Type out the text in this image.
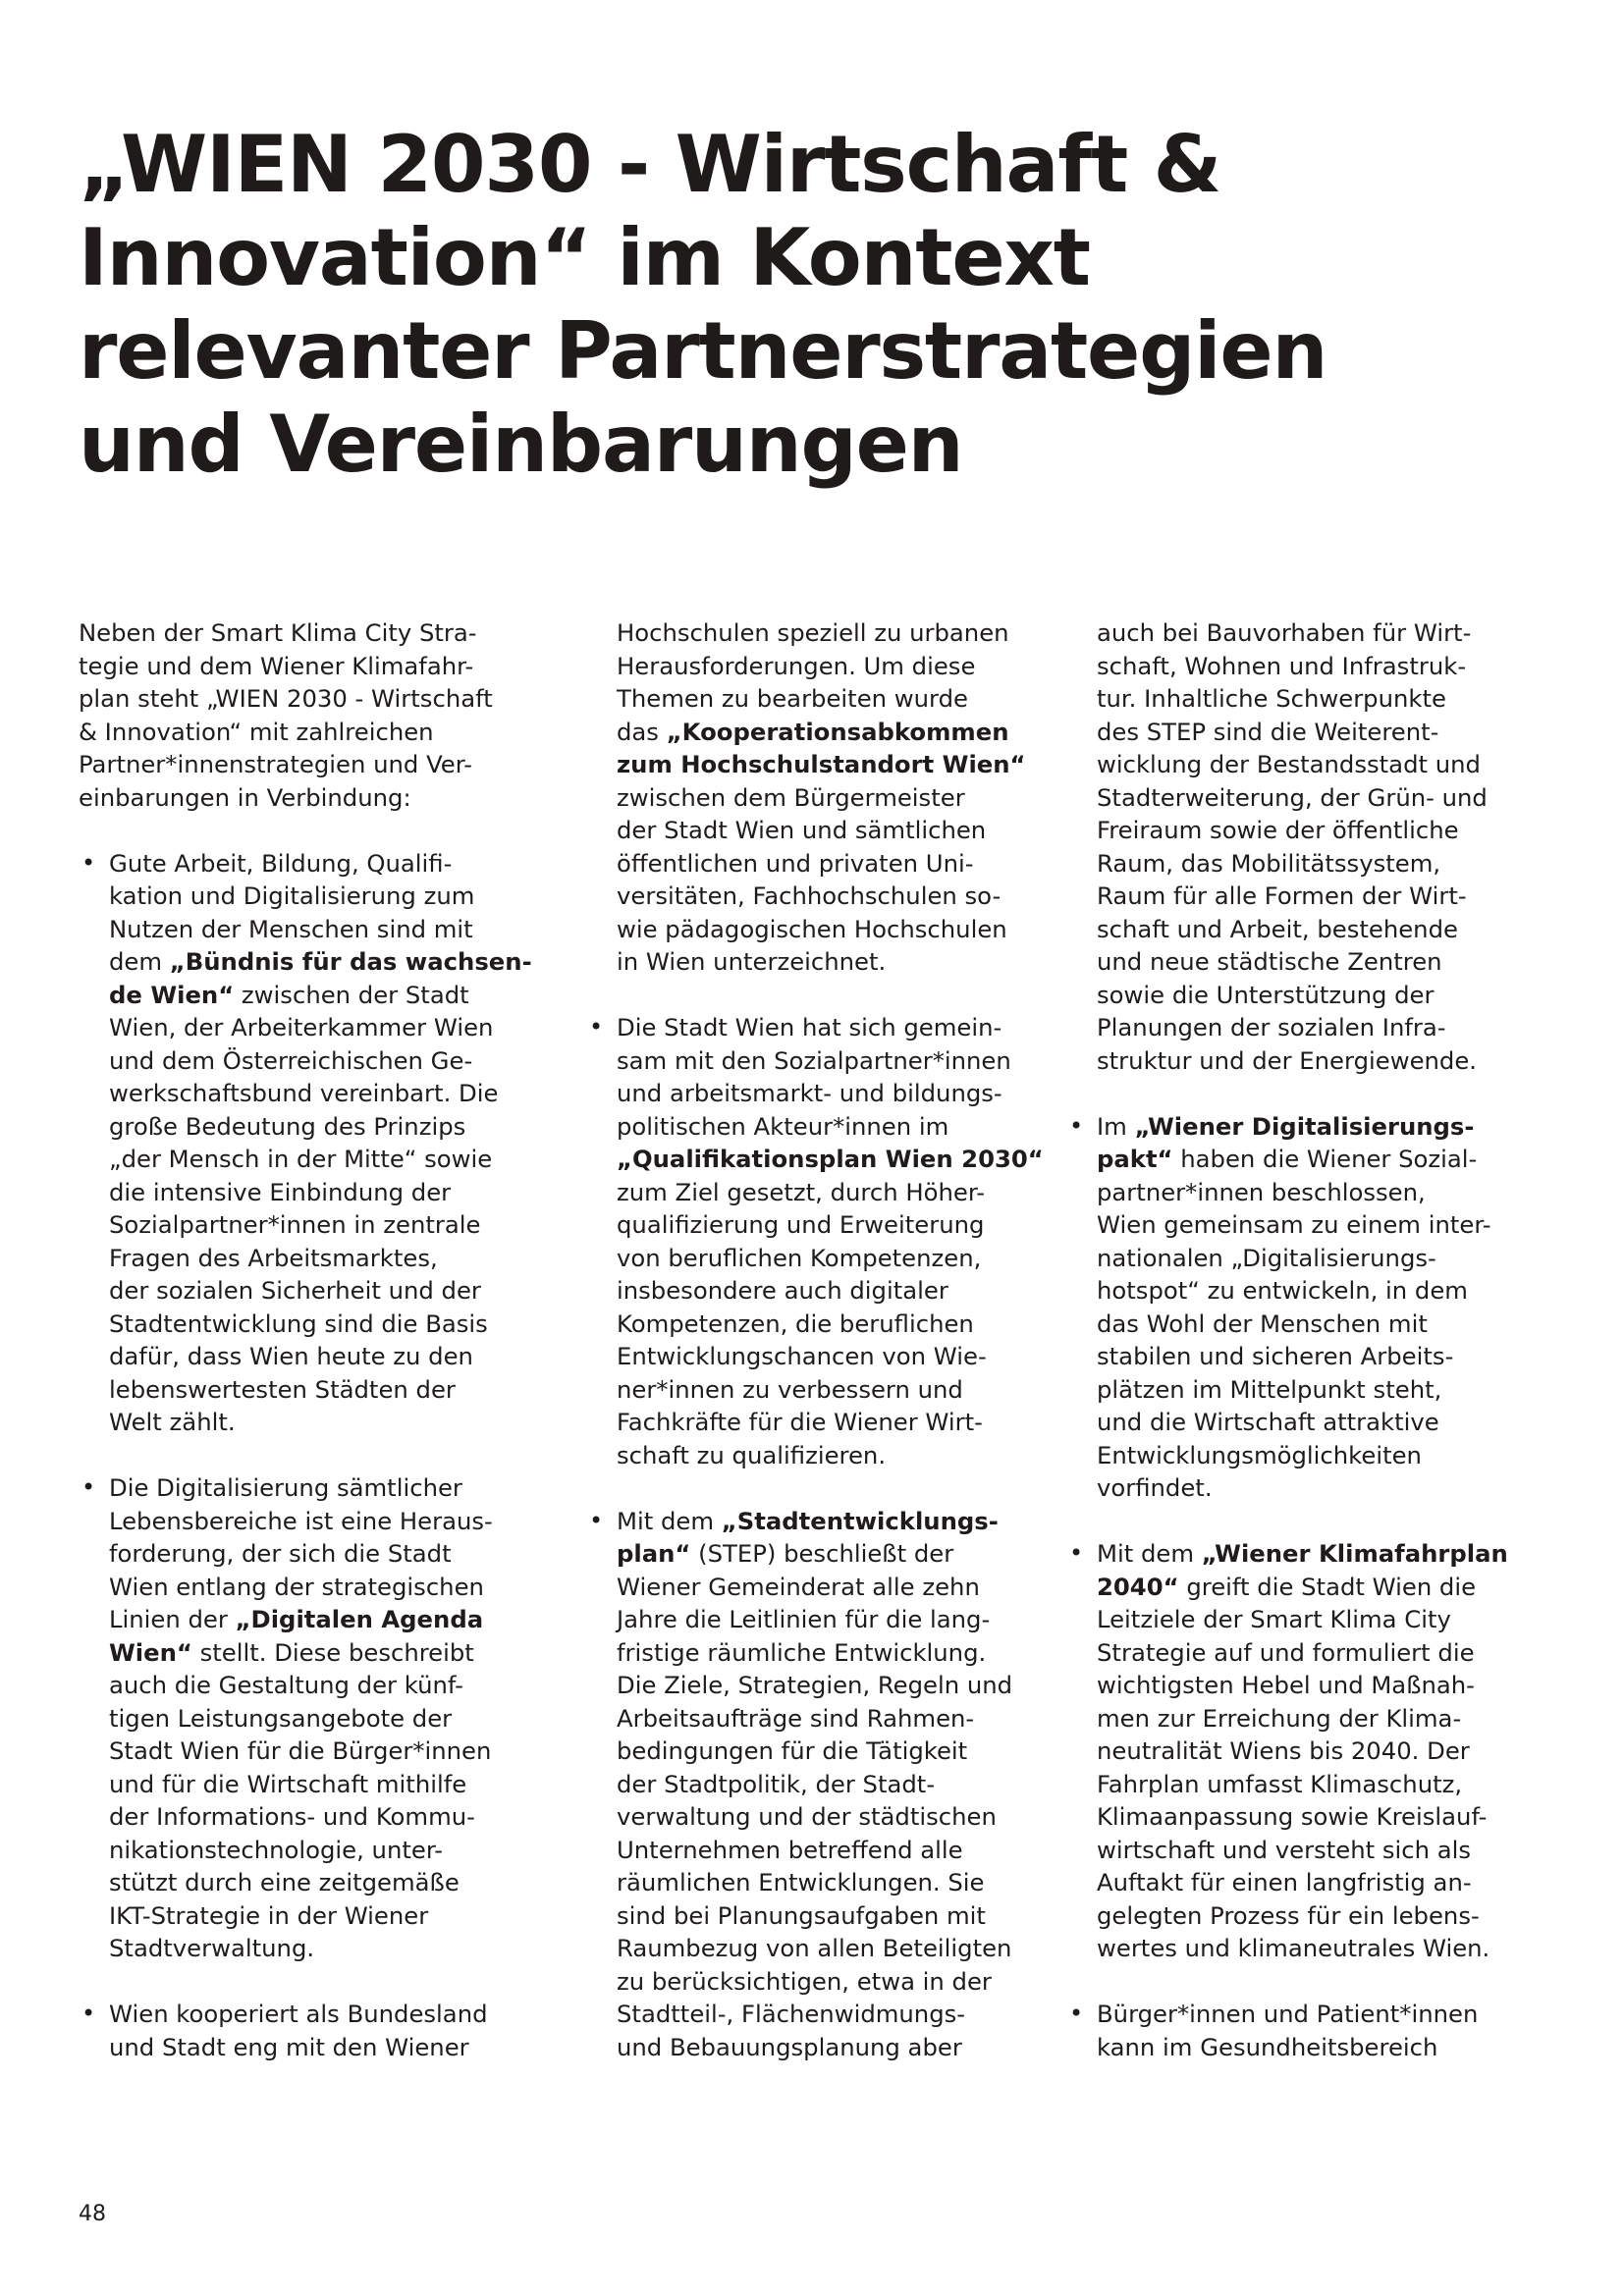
„WIEN 2030 - Wirtschaft &
Innovation“ im Kontext
relevanter Partnerstrategien
und Vereinbarungen

Neben der Smart Klima City Stra-
tegie und dem Wiener Klimafahr-
plan steht „WIEN 2030 - Wirtschaft
& Innovation“ mit zahlreichen
Partner*innenstrategien und Ver-
einbarungen in Verbindung:

• Gute Arbeit, Bildung, Qualifi-
kation und Digitalisierung zum
Nutzen der Menschen sind mit
dem „Bündnis für das wachsen-
de Wien“ zwischen der Stadt
Wien, der Arbeiterkammer Wien
und dem Österreichischen Ge-
werkschaftsbund vereinbart. Die
große Bedeutung des Prinzips
„der Mensch in der Mitte“ sowie
die intensive Einbindung der
Sozialpartner*innen in zentrale
Fragen des Arbeitsmarktes,
der sozialen Sicherheit und der
Stadtentwicklung sind die Basis
dafür, dass Wien heute zu den
lebenswertesten Städten der
Welt zählt.

• Die Digitalisierung sämtlicher
Lebensbereiche ist eine Heraus-
forderung, der sich die Stadt
Wien entlang der strategischen
Linien der „Digitalen Agenda
Wien“ stellt. Diese beschreibt
auch die Gestaltung der künf-
tigen Leistungsangebote der
Stadt Wien für die Bürger*innen
und für die Wirtschaft mithilfe
der Informations- und Kommu-
nikationstechnologie, unter-
stützt durch eine zeitgemäße
IKT-Strategie in der Wiener
Stadtverwaltung.

• Wien kooperiert als Bundesland
und Stadt eng mit den Wiener

Hochschulen speziell zu urbanen
Herausforderungen. Um diese
Themen zu bearbeiten wurde
das „Kooperationsabkommen
zum Hochschulstandort Wien“
zwischen dem Bürgermeister
der Stadt Wien und sämtlichen
öffentlichen und privaten Uni-
versitäten, Fachhochschulen so-
wie pädagogischen Hochschulen
in Wien unterzeichnet.

• Die Stadt Wien hat sich gemein-
sam mit den Sozialpartner*innen
und arbeitsmarkt- und bildungs-
politischen Akteur*innen im
„Qualifikationsplan Wien 2030“
zum Ziel gesetzt, durch Höher-
qualifizierung und Erweiterung
von beruflichen Kompetenzen,
insbesondere auch digitaler
Kompetenzen, die beruflichen
Entwicklungschancen von Wie-
ner*innen zu verbessern und
Fachkräfte für die Wiener Wirt-
schaft zu qualifizieren.

• Mit dem „Stadtentwicklungs-
plan“ (STEP) beschließt der
Wiener Gemeinderat alle zehn
Jahre die Leitlinien für die lang-
fristige räumliche Entwicklung.
Die Ziele, Strategien, Regeln und
Arbeitsaufträge sind Rahmen-
bedingungen für die Tätigkeit
der Stadtpolitik, der Stadt-
verwaltung und der städtischen
Unternehmen betreffend alle
räumlichen Entwicklungen. Sie
sind bei Planungsaufgaben mit
Raumbezug von allen Beteiligten
zu berücksichtigen, etwa in der
Stadtteil-, Flächenwidmungs-
und Bebauungsplanung aber

auch bei Bauvorhaben für Wirt-
schaft, Wohnen und Infrastruk-
tur. Inhaltliche Schwerpunkte
des STEP sind die Weiterent-
wicklung der Bestandsstadt und
Stadterweiterung, der Grün- und
Freiraum sowie der öffentliche
Raum, das Mobilitätssystem,
Raum für alle Formen der Wirt-
schaft und Arbeit, bestehende
und neue städtische Zentren
sowie die Unterstützung der
Planungen der sozialen Infra-
struktur und der Energiewende.

• Im „Wiener Digitalisierungs-
pakt“ haben die Wiener Sozial-
partner*innen beschlossen,
Wien gemeinsam zu einem inter-
nationalen „Digitalisierungs-
hotspot“ zu entwickeln, in dem
das Wohl der Menschen mit
stabilen und sicheren Arbeits-
plätzen im Mittelpunkt steht,
und die Wirtschaft attraktive
Entwicklungsmöglichkeiten
vorfindet.

• Mit dem „Wiener Klimafahrplan
2040“ greift die Stadt Wien die
Leitziele der Smart Klima City
Strategie auf und formuliert die
wichtigsten Hebel und Maßnah-
men zur Erreichung der Klima-
neutralität Wiens bis 2040. Der
Fahrplan umfasst Klimaschutz,
Klimaanpassung sowie Kreislauf-
wirtschaft und versteht sich als
Auftakt für einen langfristig an-
gelegten Prozess für ein lebens-
wertes und klimaneutrales Wien.

• Bürger*innen und Patient*innen
kann im Gesundheitsbereich

48
